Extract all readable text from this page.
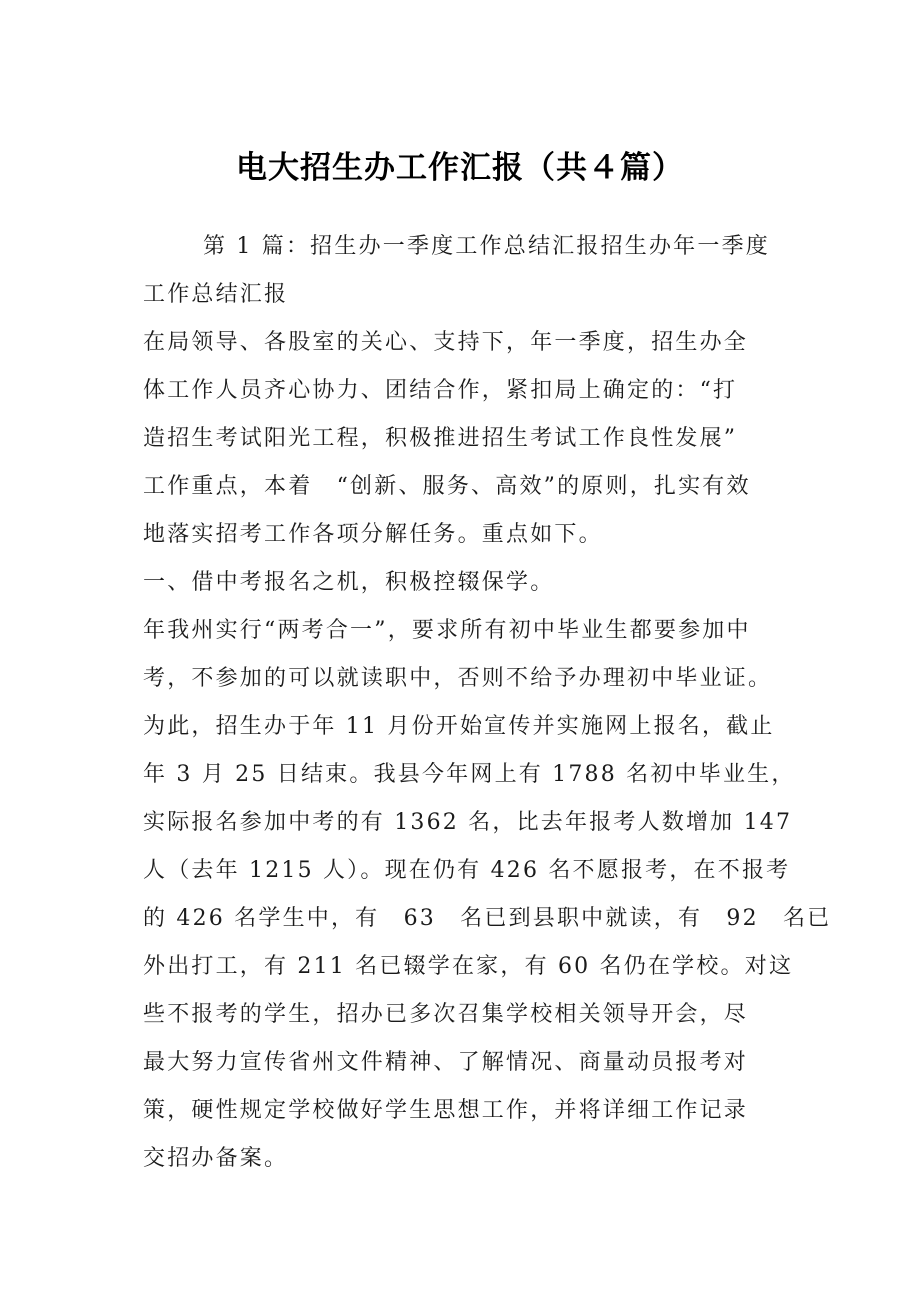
电大招生办工作汇报（共４篇）
第 1 篇：招生办一季度工作总结汇报招生办年一季度
工作总结汇报
在局领导、各股室的关心、支持下，年一季度，招生办全
体工作人员齐心协力、团结合作，紧扣局上确定的：“打
造招生考试阳光工程，积极推进招生考试工作良性发展”
工作重点，本着　“创新、服务、高效”的原则，扎实有效
地落实招考工作各项分解任务。重点如下。
一、借中考报名之机，积极控辍保学。
年我州实行“两考合一”，要求所有初中毕业生都要参加中
考，不参加的可以就读职中，否则不给予办理初中毕业证。
为此，招生办于年 11 月份开始宣传并实施网上报名，截止
年 3 月 25 日结束。我县今年网上有 1788 名初中毕业生，
实际报名参加中考的有 1362 名，比去年报考人数增加 147
人（去年 1215 人）。现在仍有 426 名不愿报考，在不报考
的 426 名学生中，有　63　名已到县职中就读，有　92　名已
外出打工，有 211 名已辍学在家，有 60 名仍在学校。对这
些不报考的学生，招办已多次召集学校相关领导开会，尽
最大努力宣传省州文件精神、了解情况、商量动员报考对
策，硬性规定学校做好学生思想工作，并将详细工作记录
交招办备案。
